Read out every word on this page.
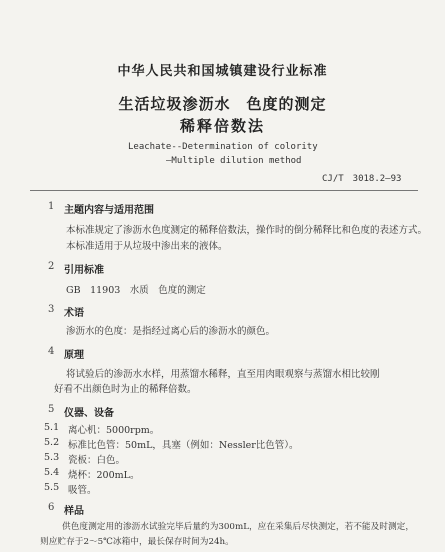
中华人民共和国城镇建设行业标准
生活垃圾渗沥水　色度的测定
稀释倍数法
Leachate--Determination of colority
—Multiple dilution method
CJ/T　3018.2—93
1 主题内容与适用范围
本标准规定了渗沥水色度测定的稀释倍数法，操作时的倒分稀释比和色度的表述方式。
本标准适用于从垃圾中渗出来的液体。
2 引用标准
GB　11903　水质　色度的测定
3 术语
渗沥水的色度：是指经过离心后的渗沥水的颜色。
4 原理
将试验后的渗沥水水样，用蒸馏水稀释，直至用肉眼观察与蒸馏水相比较刚
好看不出颜色时为止的稀释倍数。
5 仪器、设备
5.1 离心机：5000rpm。
5.2 标准比色管：50mL，具塞（例如：Nessler比色管）。
5.3 瓷板：白色。
5.4 烧杯：200mL。
5.5 吸管。
6 样品
供色度测定用的渗沥水试验完毕后量约为300mL，应在采集后尽快测定，若不能及时测定，
则应贮存于2～5℃冰箱中，最长保存时间为24h。
